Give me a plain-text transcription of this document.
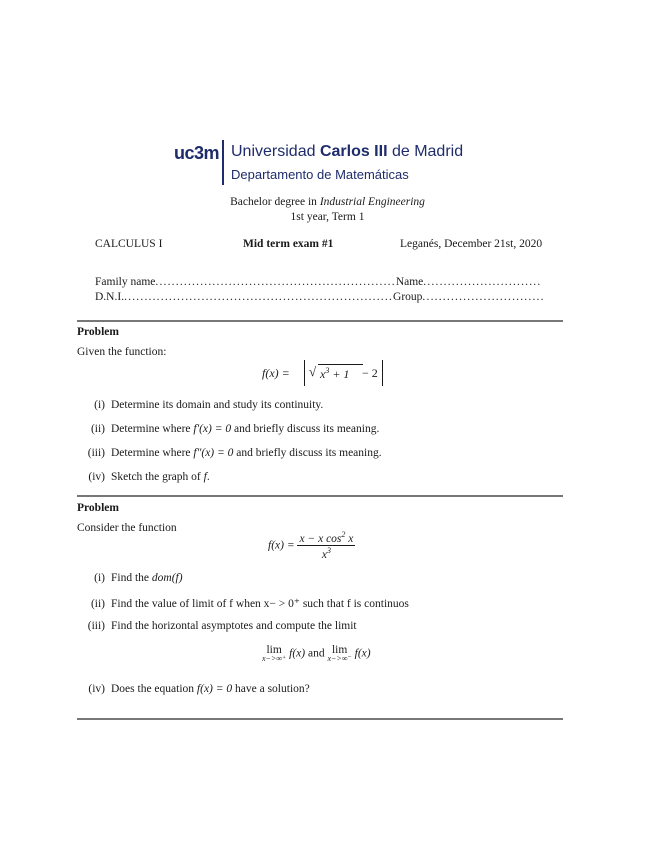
uc3m Universidad Carlos III de Madrid
Departamento de Matemáticas
Bachelor degree in Industrial Engineering
1st year, Term 1
CALCULUS I	Mid term exam #1	Leganés, December 21st, 2020
Family name...........................................................Name.............................
D.N.I...................................................................Group..............................
Problem
Given the function:
f(x) = √ $x^3 + 1 - 2$
(i) Determine its domain and study its continuity.
(ii) Determine where f′(x) = 0 and briefly discuss its meaning.
(iii) Determine where f″(x) = 0 and briefly discuss its meaning.
(iv) Sketch the graph of f.
Problem
Consider the function
$f(x) = \frac{x - x \cos^2 x}{x^3}$
(i) Find the dom(f)
(ii) Find the value of limit of f when x− > 0⁺ such that f is continuos
(iii) Find the horizontal asymptotes and compute the limit
lim
x−>∞⁺ f(x) and lim
x−>∞⁻ f(x)
(iv) Does the equation f(x) = 0 have a solution?
